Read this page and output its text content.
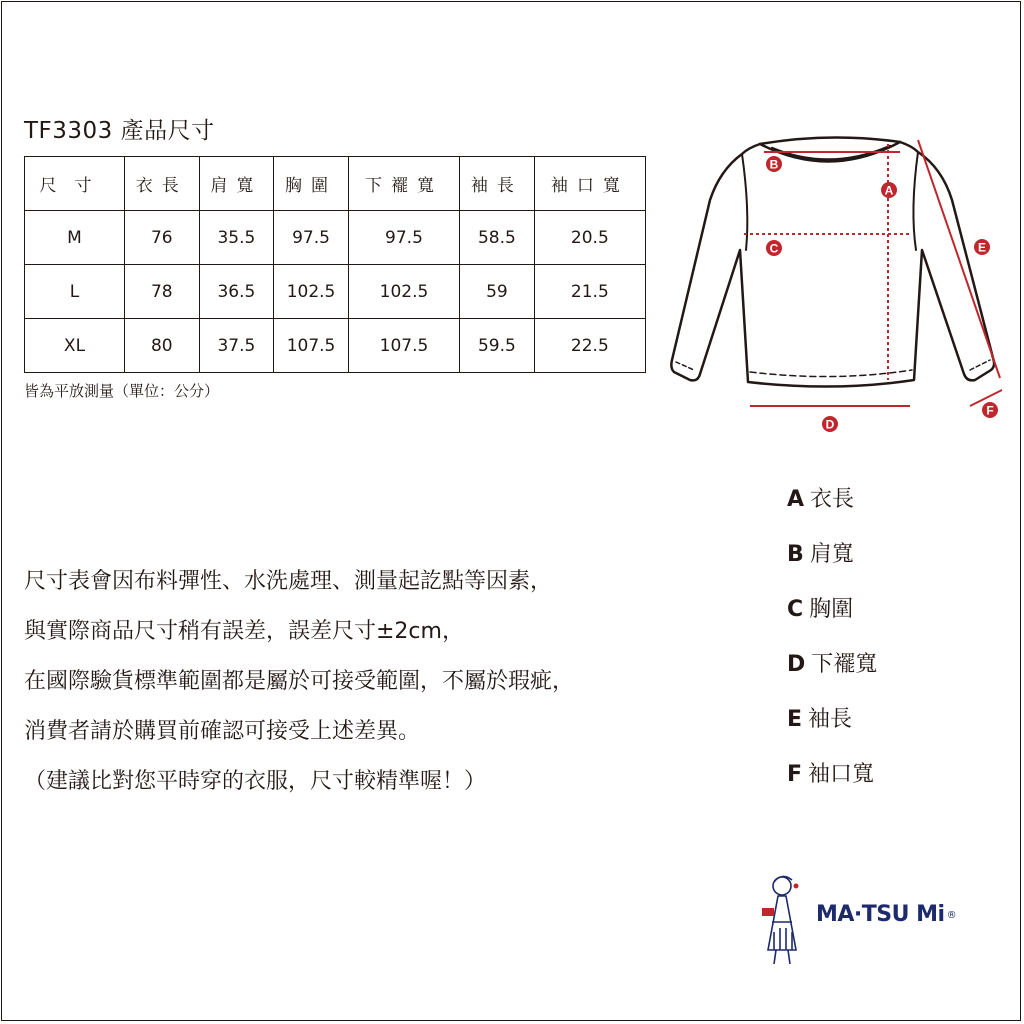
TF3303 產品尺寸
尺寸	衣長	肩寬	胸圍	下襬寬	袖長	袖口寬
M	76	35.5	97.5	97.5	58.5	20.5
L	78	36.5	102.5	102.5	59	21.5
XL	80	37.5	107.5	107.5	59.5	22.5
皆為平放測量（單位：公分）
A
B
C
D
E
F
尺寸表會因布料彈性、水洗處理、測量起訖點等因素，
與實際商品尺寸稍有誤差，誤差尺寸±2cm，
在國際驗貨標準範圍都是屬於可接受範圍，不屬於瑕疵，
消費者請於購買前確認可接受上述差異。
（建議比對您平時穿的衣服，尺寸較精準喔！）
A 衣長
B 肩寬
C 胸圍
D 下襬寬
E 袖長
F 袖口寬
MA·TSU Mi ®
